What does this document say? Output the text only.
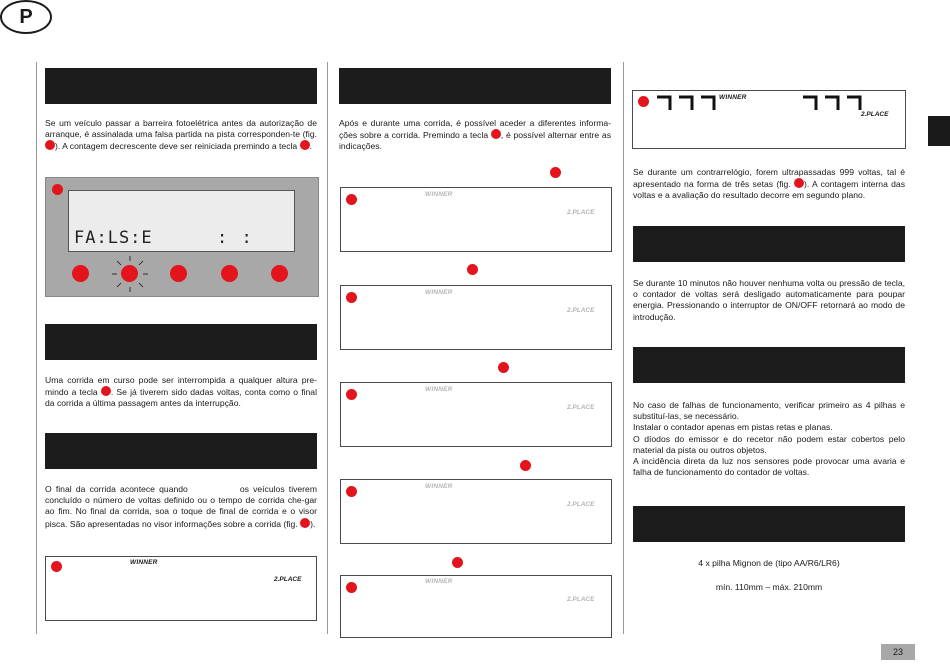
P
Se um veículo passar a barreira fotoelétrica antes da autorização de arranque, é assinalada uma falsa partida na pista corresponden-te (fig. ). A contagem decrescente deve ser reiniciada premindo a tecla .
FA:LS:E	: :
Uma corrida em curso pode ser interrompida a qualquer altura pre-mindo a tecla . Se já tiverem sido dadas voltas, conta como o final da corrida a última passagem antes da interrupção.
O final da corrida acontece quando	os veículos tiverem concluído o número de voltas definido ou o tempo de corrida che-gar ao fim. No final da corrida, soa o toque de final de corrida e o visor pisca. São apresentadas no visor informações sobre a corrida (fig. ).
WINNER
2.PLACE
Após e durante uma corrida, é possível aceder a diferentes informa-ções sobre a corrida. Premindo a tecla , é possível alternar entre as indicações.
WINNER
2.PLACE
WINNER
2.PLACE
WINNER
2.PLACE
WINNER
2.PLACE
WINNER
2.PLACE
WINNER
2.PLACE
Se durante um contrarrelógio, forem ultrapassadas 999 voltas, tal é apresentado na forma de três setas (fig. ). A contagem interna das voltas e a avaliação do resultado decorre em segundo plano.
Se durante 10 minutos não houver nenhuma volta ou pressão de tecla, o contador de voltas será desligado automaticamente para poupar energia. Pressionando o interruptor de ON/OFF retornará ao modo de introdução.
No caso de falhas de funcionamento, verificar primeiro as 4 pilhas e substituí-las, se necessário.
Instalar o contador apenas em pistas retas e planas.
O díodos do emissor e do recetor não podem estar cobertos pelo material da pista ou outros objetos.
A incidência direta da luz nos sensores pode provocar uma avaria e falha de funcionamento do contador de voltas.
4 x pilha Mignon de (tipo AA/R6/LR6)
mín. 110mm – máx. 210mm
23
